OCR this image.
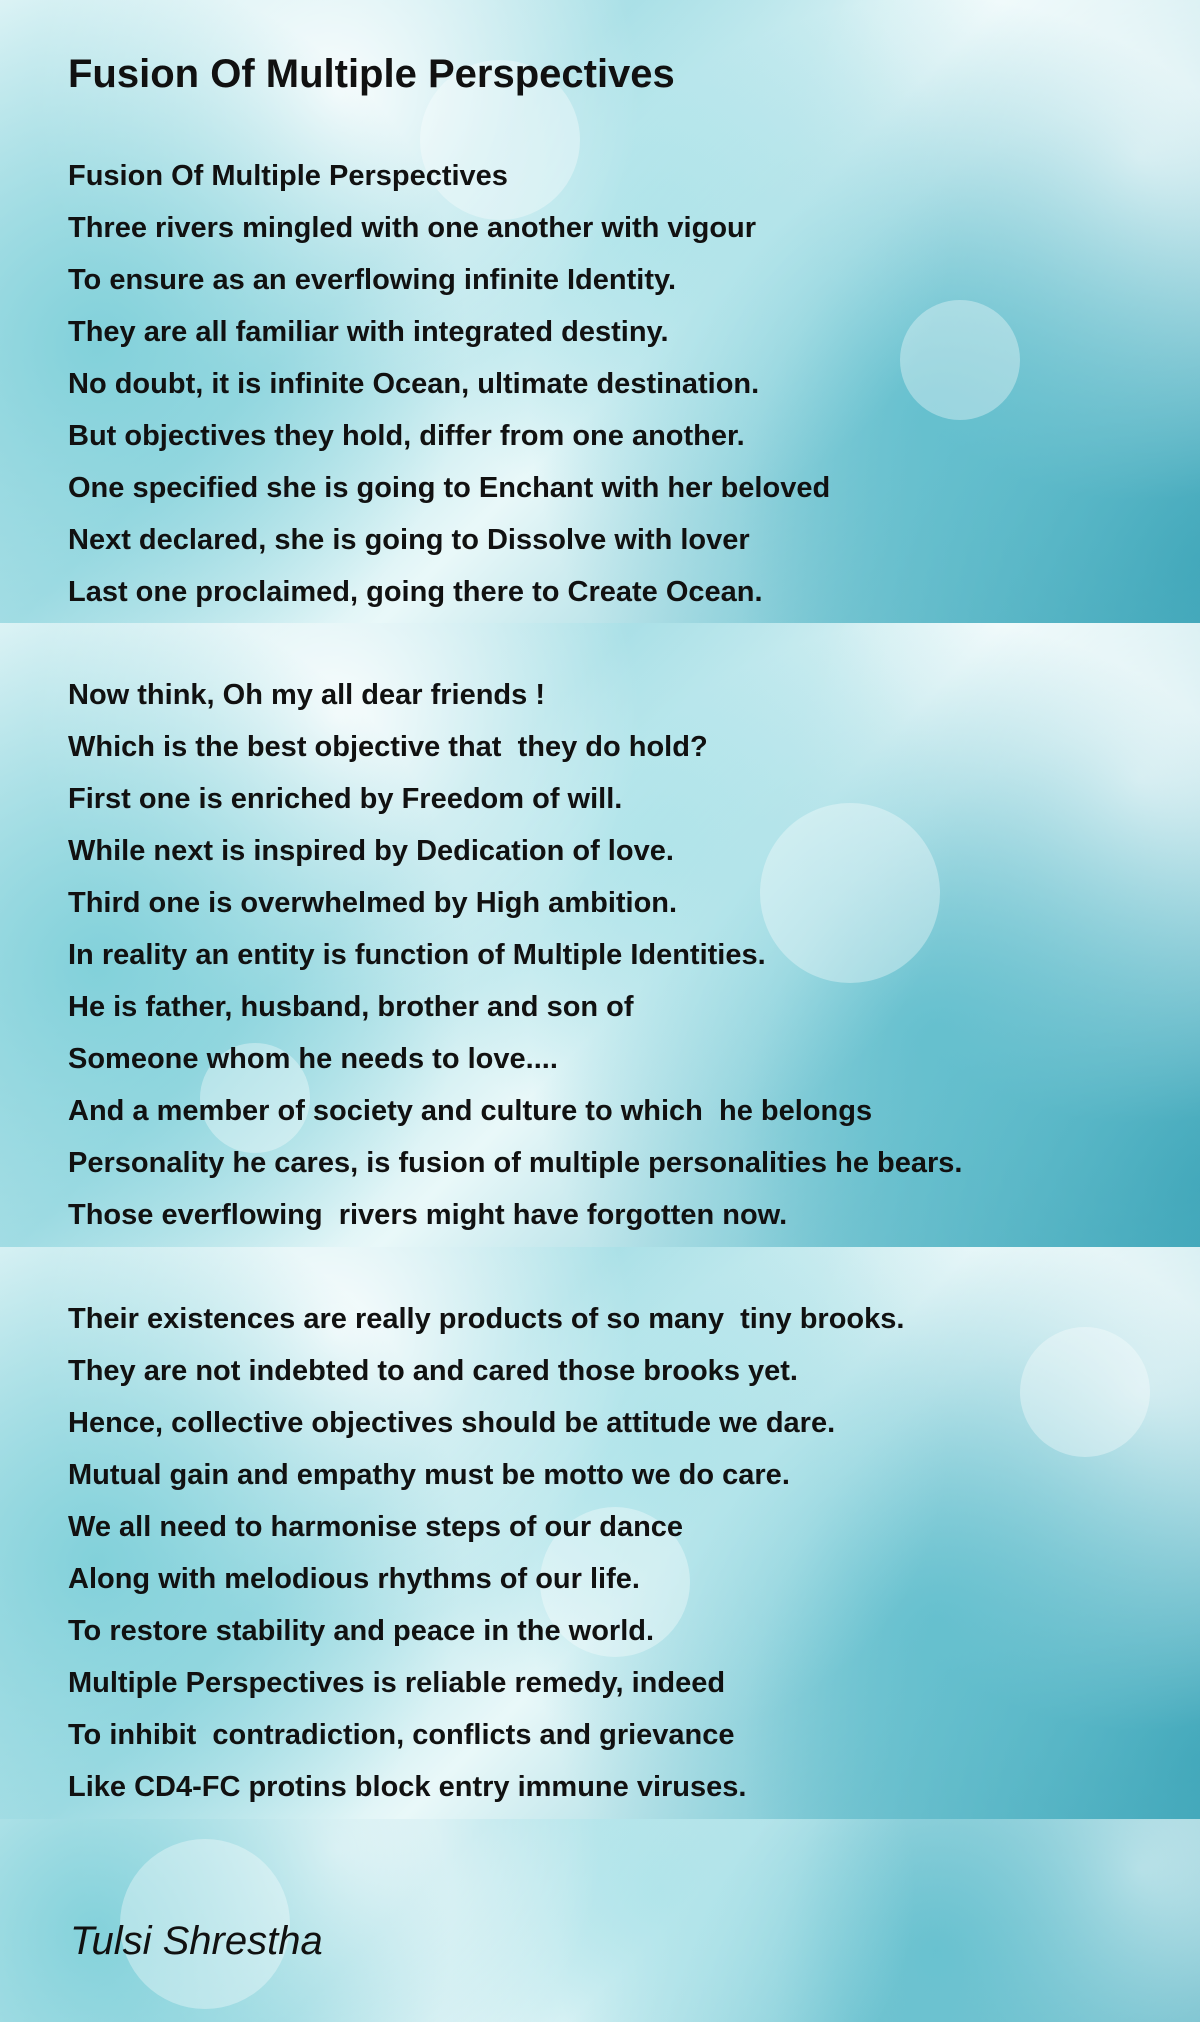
Fusion Of Multiple Perspectives
Fusion Of Multiple Perspectives
Three rivers mingled with one another with vigour
To ensure as an everflowing infinite Identity.
They are all familiar with integrated destiny.
No doubt, it is infinite Ocean, ultimate destination.
But objectives they hold, differ from one another.
One specified she is going to Enchant with her beloved
Next declared, she is going to Dissolve with lover
Last one proclaimed, going there to Create Ocean.
Now think, Oh my all dear friends !
Which is the best objective that  they do hold?
First one is enriched by Freedom of will.
While next is inspired by Dedication of love.
Third one is overwhelmed by High ambition.
In reality an entity is function of Multiple Identities.
He is father, husband, brother and son of
Someone whom he needs to love....
And a member of society and culture to which  he belongs
Personality he cares, is fusion of multiple personalities he bears.
Those everflowing  rivers might have forgotten now.
Their existences are really products of so many  tiny brooks.
They are not indebted to and cared those brooks yet.
Hence, collective objectives should be attitude we dare.
Mutual gain and empathy must be motto we do care.
We all need to harmonise steps of our dance
Along with melodious rhythms of our life.
To restore stability and peace in the world.
Multiple Perspectives is reliable remedy, indeed
To inhibit  contradiction, conflicts and grievance
Like CD4-FC protins block entry immune viruses.

Tulsi Shrestha
